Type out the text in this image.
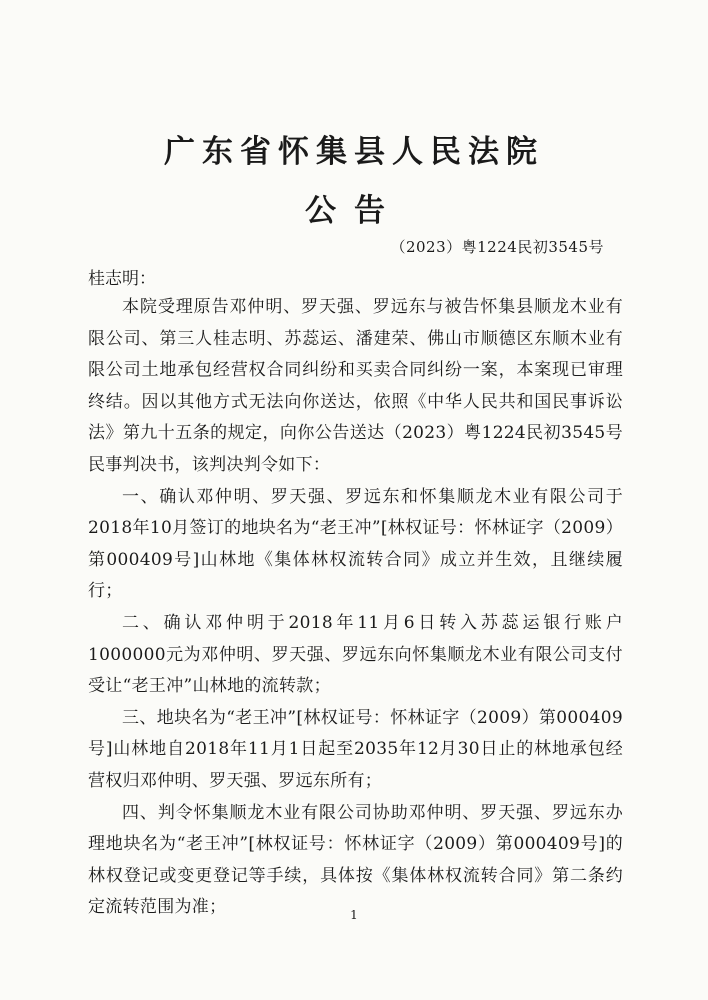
广东省怀集县人民法院
公告
（2023）粤1224民初3545号
桂志明：

本院受理原告邓仲明、罗天强、罗远东与被告怀集县顺龙木业有限公司、第三人桂志明、苏蕊运、潘建荣、佛山市顺德区东顺木业有限公司土地承包经营权合同纠纷和买卖合同纠纷一案，本案现已审理终结。因以其他方式无法向你送达，依照《中华人民共和国民事诉讼法》第九十五条的规定，向你公告送达（2023）粤1224民初3545号民事判决书，该判决判令如下：

一、确认邓仲明、罗天强、罗远东和怀集顺龙木业有限公司于2018年10月签订的地块名为“老王冲”[林权证号：怀林证字（2009）第000409号]山林地《集体林权流转合同》成立并生效，且继续履行；

二、确认邓仲明于2018年11月6日转入苏蕊运银行账户1000000元为邓仲明、罗天强、罗远东向怀集顺龙木业有限公司支付受让“老王冲”山林地的流转款；

三、地块名为“老王冲”[林权证号：怀林证字（2009）第000409号]山林地自2018年11月1日起至2035年12月30日止的林地承包经营权归邓仲明、罗天强、罗远东所有；

四、判令怀集顺龙木业有限公司协助邓仲明、罗天强、罗远东办理地块名为“老王冲”[林权证号：怀林证字（2009）第000409号]的林权登记或变更登记等手续，具体按《集体林权流转合同》第二条约定流转范围为准；	1
